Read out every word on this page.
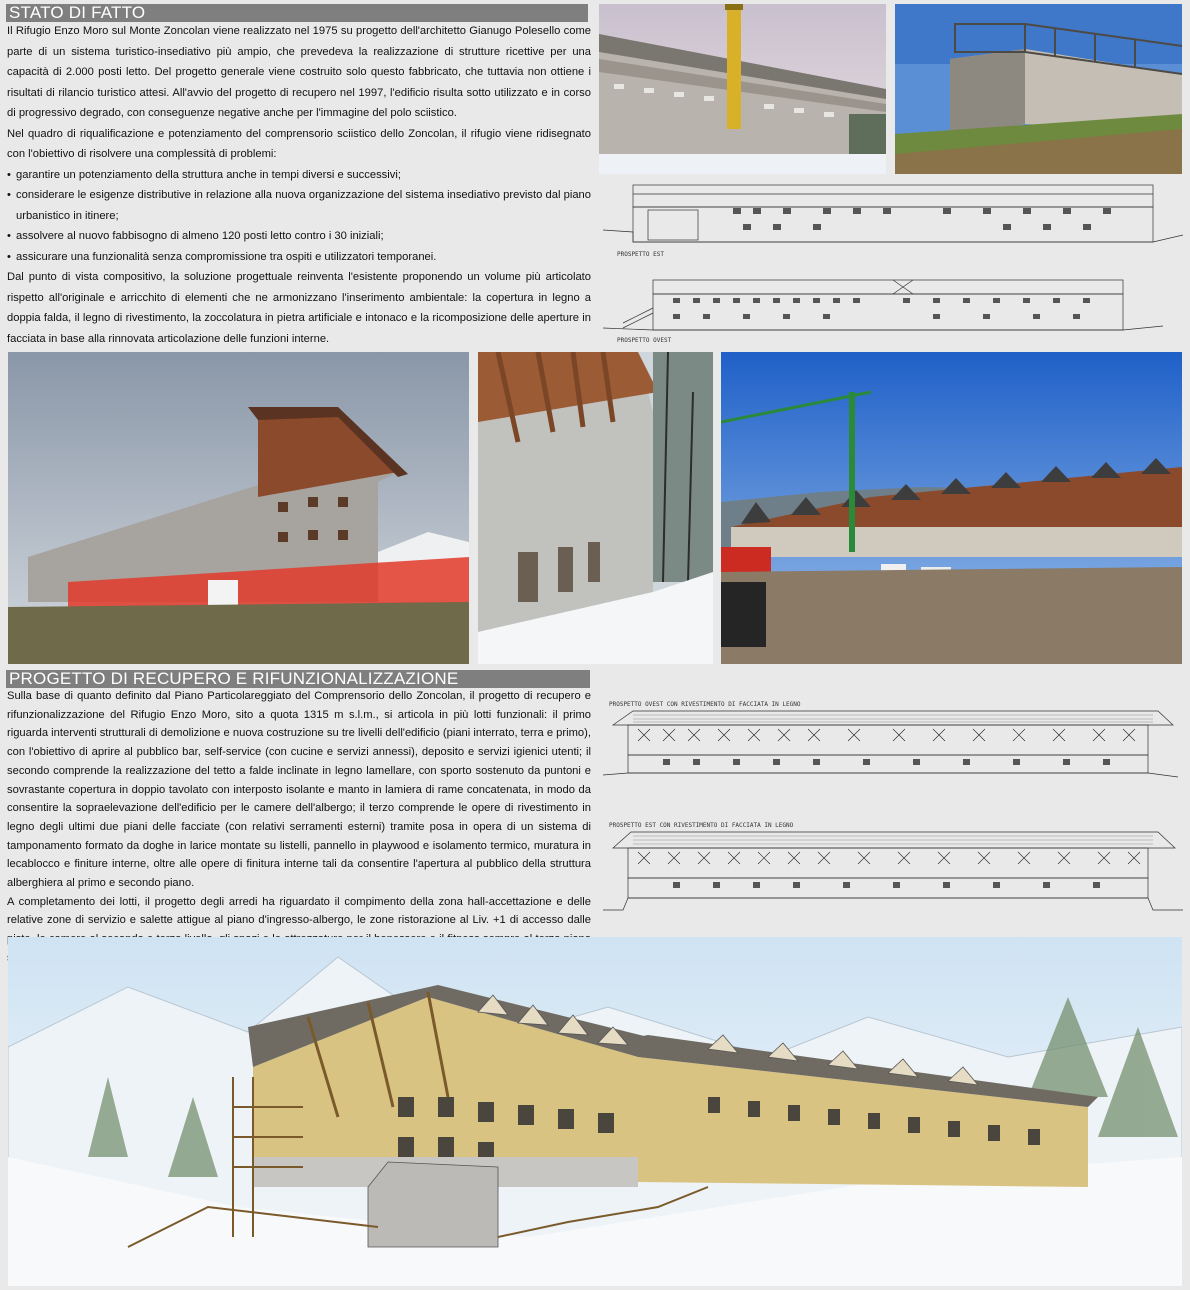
STATO DI FATTO

Il Rifugio Enzo Moro sul Monte Zoncolan viene realizzato nel 1975 su progetto dell'architetto Gianugo Polesello come parte di un sistema turistico-insediativo più ampio, che prevedeva la realizzazione di strutture ricettive per una capacità di 2.000 posti letto. Del progetto generale viene costruito solo questo fabbricato, che tuttavia non ottiene i risultati di rilancio turistico attesi. All'avvio del progetto di recupero nel 1997, l'edificio risulta sotto utilizzato e in corso di progressivo degrado, con conseguenze negative anche per l'immagine del polo sciistico.

Nel quadro di riqualificazione e potenziamento del comprensorio sciistico dello Zoncolan, il rifugio viene ridisegnato con l'obiettivo di risolvere una complessità di problemi:

• garantire un potenziamento della struttura anche in tempi diversi e successivi;
• considerare le esigenze distributive in relazione alla nuova organizzazione del sistema insediativo previsto dal piano urbanistico in itinere;
• assolvere al nuovo fabbisogno di almeno 120 posti letto contro i 30 iniziali;
• assicurare una funzionalità senza compromissione tra ospiti e utilizzatori temporanei.

Dal punto di vista compositivo, la soluzione progettuale reinventa l'esistente proponendo un volume più articolato rispetto all'originale e arricchito di elementi che ne armonizzano l'inserimento ambientale: la copertura in legno a doppia falda, il legno di rivestimento, la zoccolatura in pietra artificiale e intonaco e la ricomposizione delle aperture in facciata in base alla rinnovata articolazione delle funzioni interne.

PROSPETTO EST
PROSPETTO OVEST
PROGETTO DI RECUPERO E RIFUNZIONALIZZAZIONE

Sulla base di quanto definito dal Piano Particolareggiato del Comprensorio dello Zoncolan, il progetto di recupero e rifunzionalizzazione del Rifugio Enzo Moro, sito a quota 1315 m s.l.m., si articola in più lotti funzionali: il primo riguarda interventi strutturali di demolizione e nuova costruzione su tre livelli dell'edificio (piani interrato, terra e primo), con l'obiettivo di aprire al pubblico bar, self-service (con cucine e servizi annessi), deposito e servizi igienici utenti; il secondo comprende la realizzazione del tetto a falde inclinate in legno lamellare, con sporto sostenuto da puntoni e sovrastante copertura in doppio tavolato con interposto isolante e manto in lamiera di rame concatenata, in modo da consentire la sopraelevazione dell'edificio per le camere dell'albergo; il terzo comprende le opere di rivestimento in legno degli ultimi due piani delle facciate (con relativi serramenti esterni) tramite posa in opera di un sistema di tamponamento formato da doghe in larice montate su listelli, pannello in playwood e isolamento termico, muratura in lecablocco e finiture interne, oltre alle opere di finitura interne tali da consentire l'apertura al pubblico della struttura alberghiera al primo e secondo piano.

A completamento dei lotti, il progetto degli arredi ha riguardato il compimento della zona hall-accettazione e delle relative zone di servizio e salette attigue al piano d'ingresso-albergo, le zone ristorazione al Liv. +1 di accesso dalle

PROSPETTO OVEST CON RIVESTIMENTO DI FACCIATA IN LEGNO
PROSPETTO EST CON RIVESTIMENTO DI FACCIATA IN LEGNO
